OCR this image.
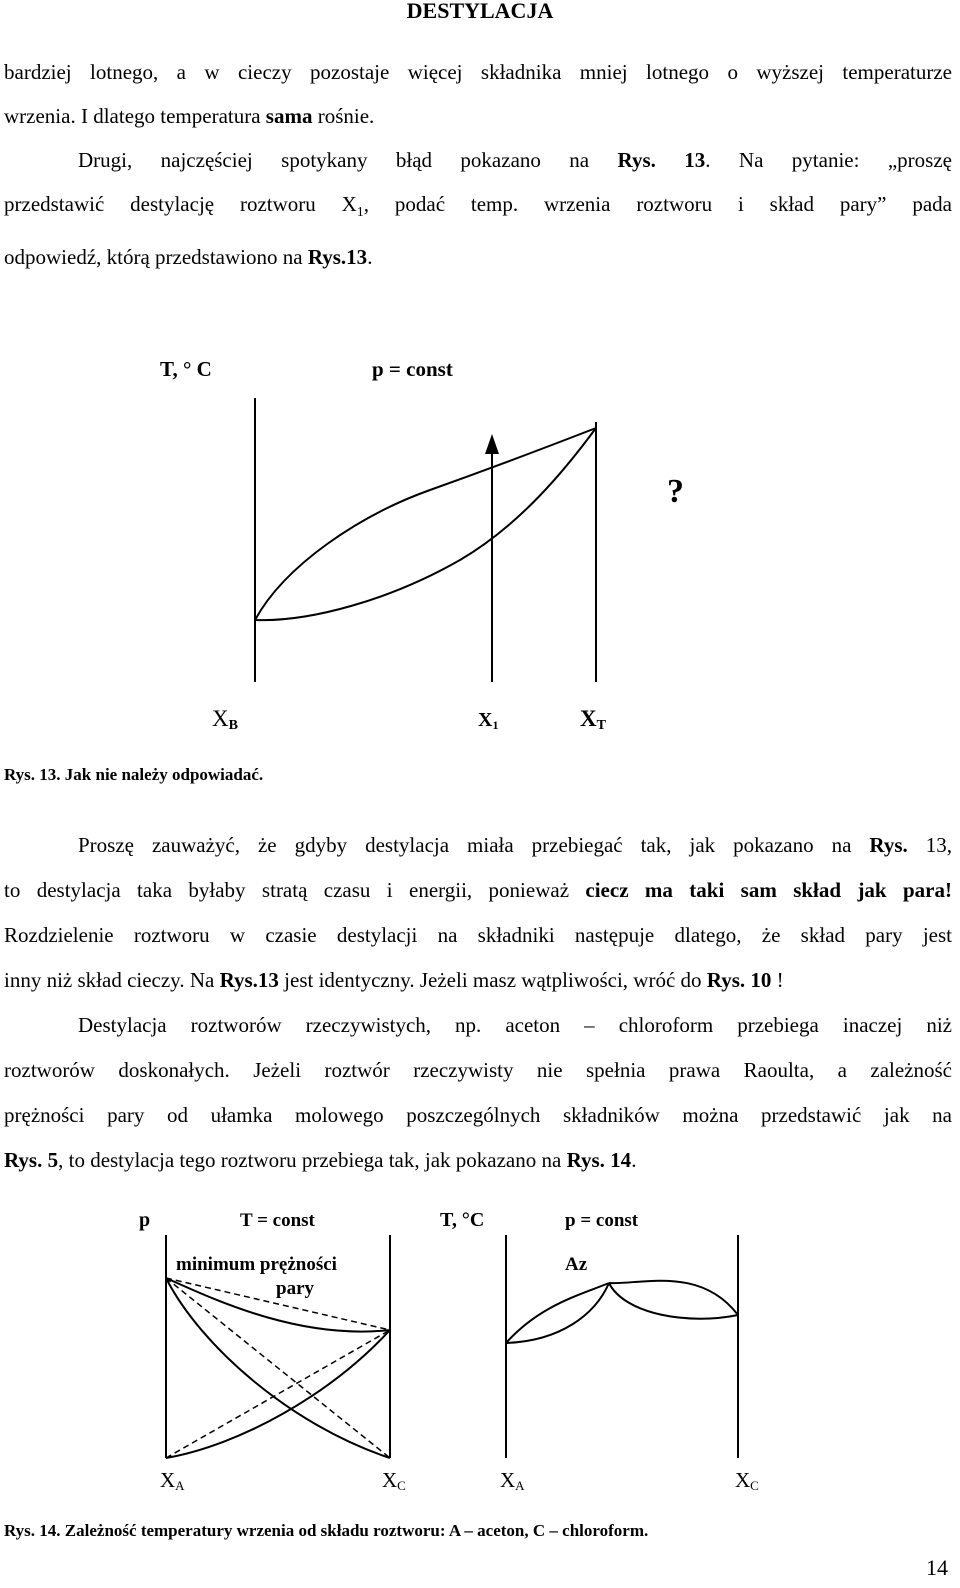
DESTYLACJA
bardziej lotnego, a w cieczy pozostaje więcej składnika mniej lotnego o wyższej temperaturze
wrzenia. I dlatego temperatura sama rośnie.
Drugi, najczęściej spotykany błąd pokazano na Rys. 13. Na pytanie: „proszę
przedstawić destylację roztworu $X_1$, podać temp. wrzenia roztworu i skład pary” pada
odpowiedź, którą przedstawiono na Rys.13.
T, ° C	p = const
?
XB	X1	XT
Rys. 13. Jak nie należy odpowiadać.
Proszę zauważyć, że gdyby destylacja miała przebiegać tak, jak pokazano na Rys. 13,
to destylacja taka byłaby stratą czasu i energii, ponieważ ciecz ma taki sam skład jak para!
Rozdzielenie roztworu w czasie destylacji na składniki następuje dlatego, że skład pary jest
inny niż skład cieczy. Na Rys.13 jest identyczny. Jeżeli masz wątpliwości, wróć do Rys. 10 !
Destylacja roztworów rzeczywistych, np. aceton – chloroform przebiega inaczej niż
roztworów doskonałych. Jeżeli roztwór rzeczywisty nie spełnia prawa Raoulta, a zależność
prężności pary od ułamka molowego poszczególnych składników można przedstawić jak na
Rys. 5, to destylacja tego roztworu przebiega tak, jak pokazano na Rys. 14.
p	T = const
minimum prężności
pary
XA	XC
T, °C	p = const
Az
XA	XC
Rys. 14. Zależność temperatury wrzenia od składu roztworu: A – aceton, C – chloroform.
14
